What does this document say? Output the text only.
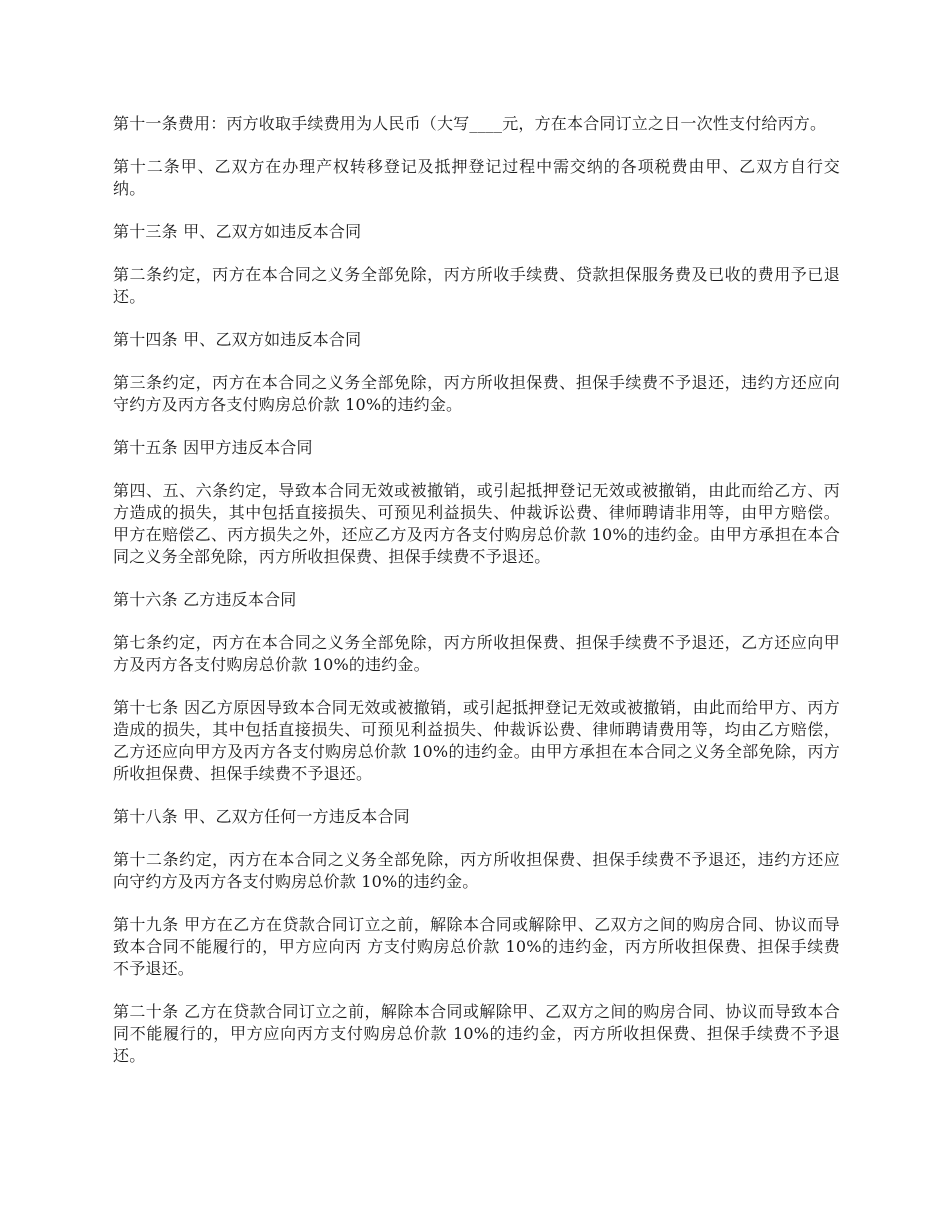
第十一条费用：丙方收取手续费用为人民币（大写____元，方在本合同订立之日一次性支付给丙方。

第十二条甲、乙双方在办理产权转移登记及抵押登记过程中需交纳的各项税费由甲、乙双方自行交纳。

第十三条 甲、乙双方如违反本合同

第二条约定，丙方在本合同之义务全部免除，丙方所收手续费、贷款担保服务费及已收的费用予已退还。

第十四条 甲、乙双方如违反本合同

第三条约定，丙方在本合同之义务全部免除，丙方所收担保费、担保手续费不予退还，违约方还应向守约方及丙方各支付购房总价款 10%的违约金。

第十五条 因甲方违反本合同

第四、五、六条约定，导致本合同无效或被撤销，或引起抵押登记无效或被撤销，由此而给乙方、丙方造成的损失，其中包括直接损失、可预见利益损失、仲裁诉讼费、律师聘请非用等，由甲方赔偿。甲方在赔偿乙、丙方损失之外，还应乙方及丙方各支付购房总价款 10%的违约金。由甲方承担在本合同之义务全部免除，丙方所收担保费、担保手续费不予退还。

第十六条 乙方违反本合同

第七条约定，丙方在本合同之义务全部免除，丙方所收担保费、担保手续费不予退还，乙方还应向甲方及丙方各支付购房总价款 10%的违约金。

第十七条 因乙方原因导致本合同无效或被撤销，或引起抵押登记无效或被撤销，由此而给甲方、丙方造成的损失，其中包括直接损失、可预见利益损失、仲裁诉讼费、律师聘请费用等，均由乙方赔偿，乙方还应向甲方及丙方各支付购房总价款 10%的违约金。由甲方承担在本合同之义务全部免除，丙方所收担保费、担保手续费不予退还。

第十八条 甲、乙双方任何一方违反本合同

第十二条约定，丙方在本合同之义务全部免除，丙方所收担保费、担保手续费不予退还，违约方还应向守约方及丙方各支付购房总价款 10%的违约金。

第十九条 甲方在乙方在贷款合同订立之前，解除本合同或解除甲、乙双方之间的购房合同、协议而导致本合同不能履行的，甲方应向丙 方支付购房总价款 10%的违约金，丙方所收担保费、担保手续费不予退还。

第二十条 乙方在贷款合同订立之前，解除本合同或解除甲、乙双方之间的购房合同、协议而导致本合同不能履行的，甲方应向丙方支付购房总价款 10%的违约金，丙方所收担保费、担保手续费不予退还。
